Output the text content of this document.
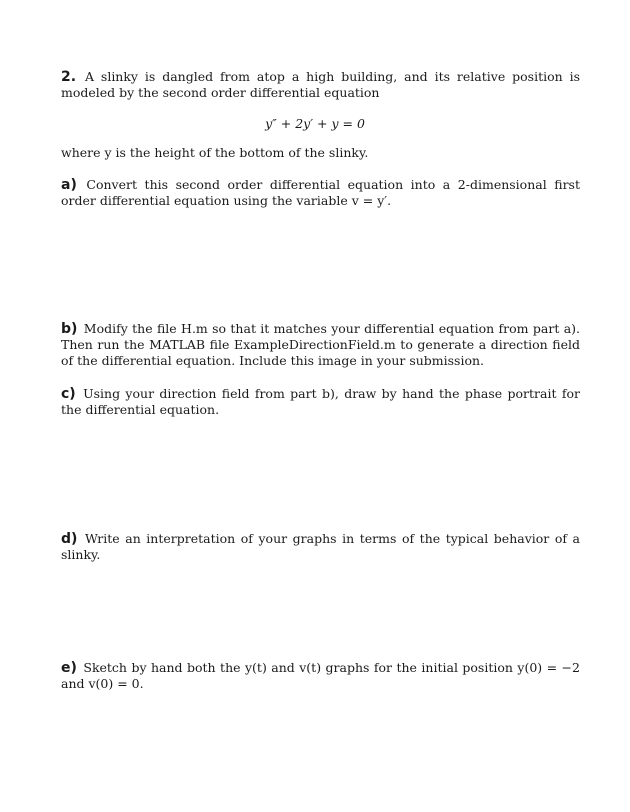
2. A slinky is dangled from atop a high building, and its relative position is modeled by the second order differential equation
y″ + 2y′ + y = 0
where y is the height of the bottom of the slinky.
a) Convert this second order differential equation into a 2-dimensional first order differential equation using the variable v = y′.
b) Modify the file H.m so that it matches your differential equation from part a). Then run the MATLAB file ExampleDirectionField.m to generate a direction field of the differential equation. Include this image in your submission.
c) Using your direction field from part b), draw by hand the phase portrait for the differential equation.
d) Write an interpretation of your graphs in terms of the typical behavior of a slinky.
e) Sketch by hand both the y(t) and v(t) graphs for the initial position y(0) = −2 and v(0) = 0.
